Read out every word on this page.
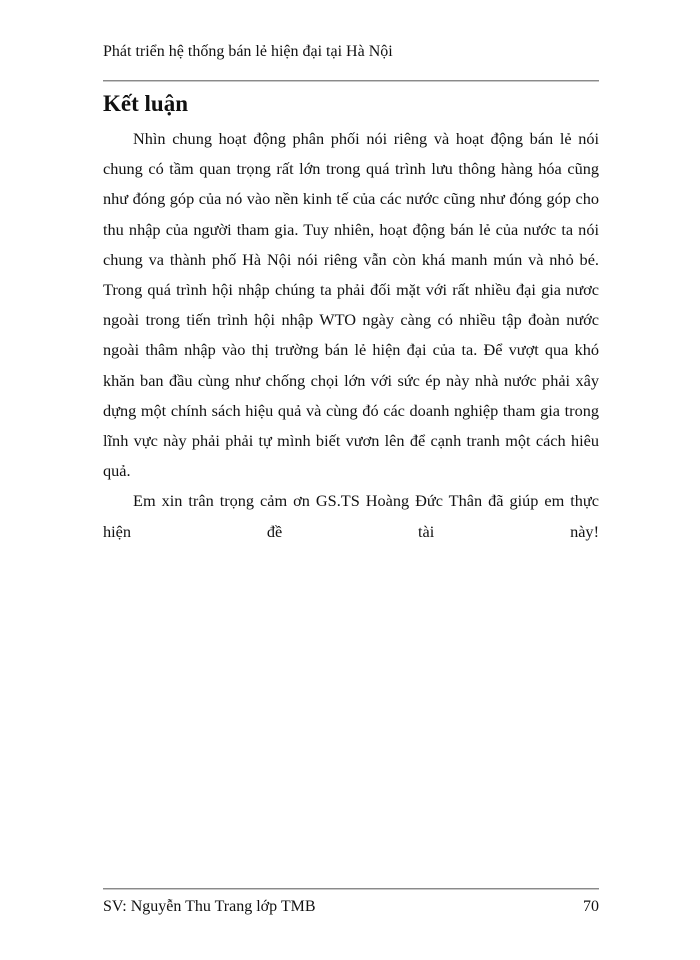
Phát triển hệ thống bán lẻ hiện đại tại Hà Nội
Kết luận

Nhìn chung hoạt động phân phối nói riêng và hoạt động bán lẻ nói chung có tầm quan trọng rất lớn trong quá trình lưu thông hàng hóa cũng như đóng góp của nó vào nền kinh tế của các nước cũng như đóng góp cho thu nhập của người tham gia. Tuy nhiên, hoạt động bán lẻ của nước ta nói chung va thành phố Hà Nội nói riêng vẫn còn khá manh mún và nhỏ bé. Trong quá trình hội nhập chúng ta phải đối mặt với rất nhiều đại gia nươc ngoài trong tiến trình hội nhập WTO ngày càng có nhiều tập đoàn nước ngoài thâm nhập vào thị trường bán lẻ hiện đại của ta. Để vượt qua khó khăn ban đầu cùng như chống chọi lớn với sức ép này nhà nước phải xây dựng một chính sách hiệu quả và cùng đó các doanh nghiệp tham gia trong lĩnh vực này phải phải tự mình biết vươn lên để cạnh tranh một cách hiêu quả.

Em xin trân trọng cảm ơn GS.TS Hoàng Đức Thân đã giúp em thực hiện đề tài này!

SV: Nguyễn Thu Trang lớp TMB	70
